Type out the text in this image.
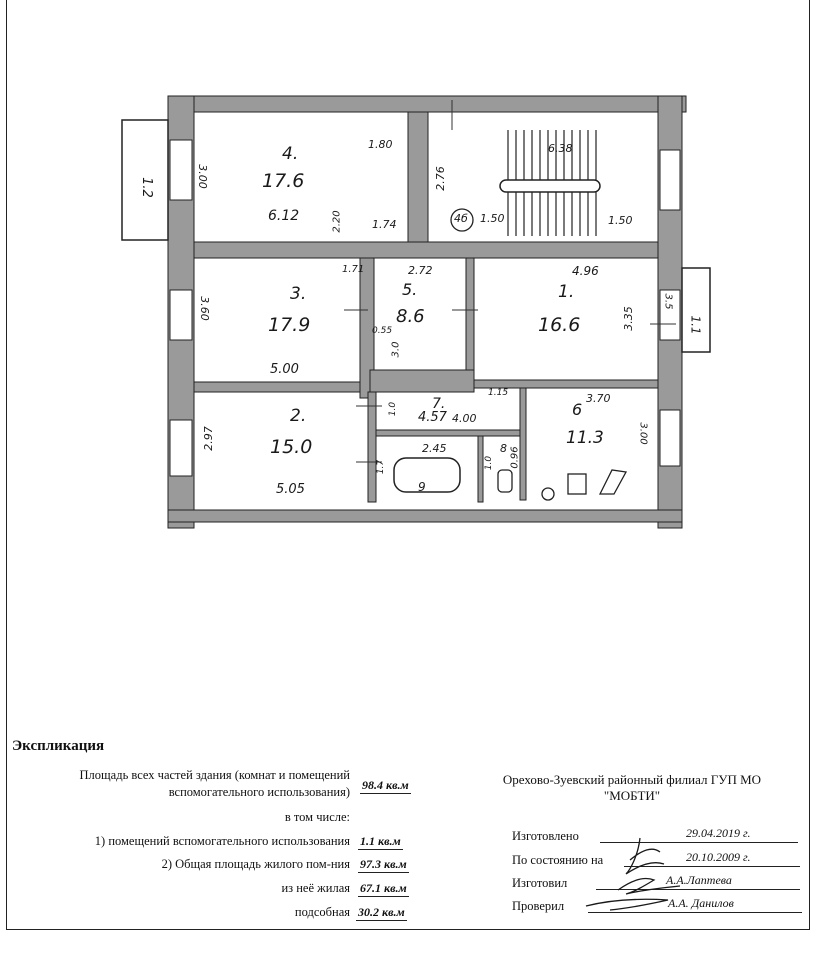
4.
17.6
6.12
3.00
1.80
1.74
2.20	4б
2.76
6.38
1.50	1.50
3.
17.9
5.00
3.60
1.71
5.
8.6
2.72
3.0
0.55
1.
16.6
4.96
3.35
3.5
2.
15.0
5.05
2.97
7.
4.57 4.00
1.0
1.15
6
11.3
3.70
3.00
9
2.45
1.7
8 0.96
1.0
1.2
1.1
Экспликация
Площадь всех частей здания (комнат и помещений
вспомогательного использования) 98.4 кв.м
в том числе:
1) помещений вспомогательного использования 1.1 кв.м
2) Общая площадь жилого пом-ния 97.3 кв.м
из неё жилая 67.1 кв.м
подсобная 30.2 кв.м
Орехово-Зуевский районный филиал ГУП МО
"МОБТИ"
Изготовлено	29.04.2019 г.
По состоянию на	20.10.2009 г.
Изготовил	А.А.Лаптева
Проверил	А.А. Данилов
